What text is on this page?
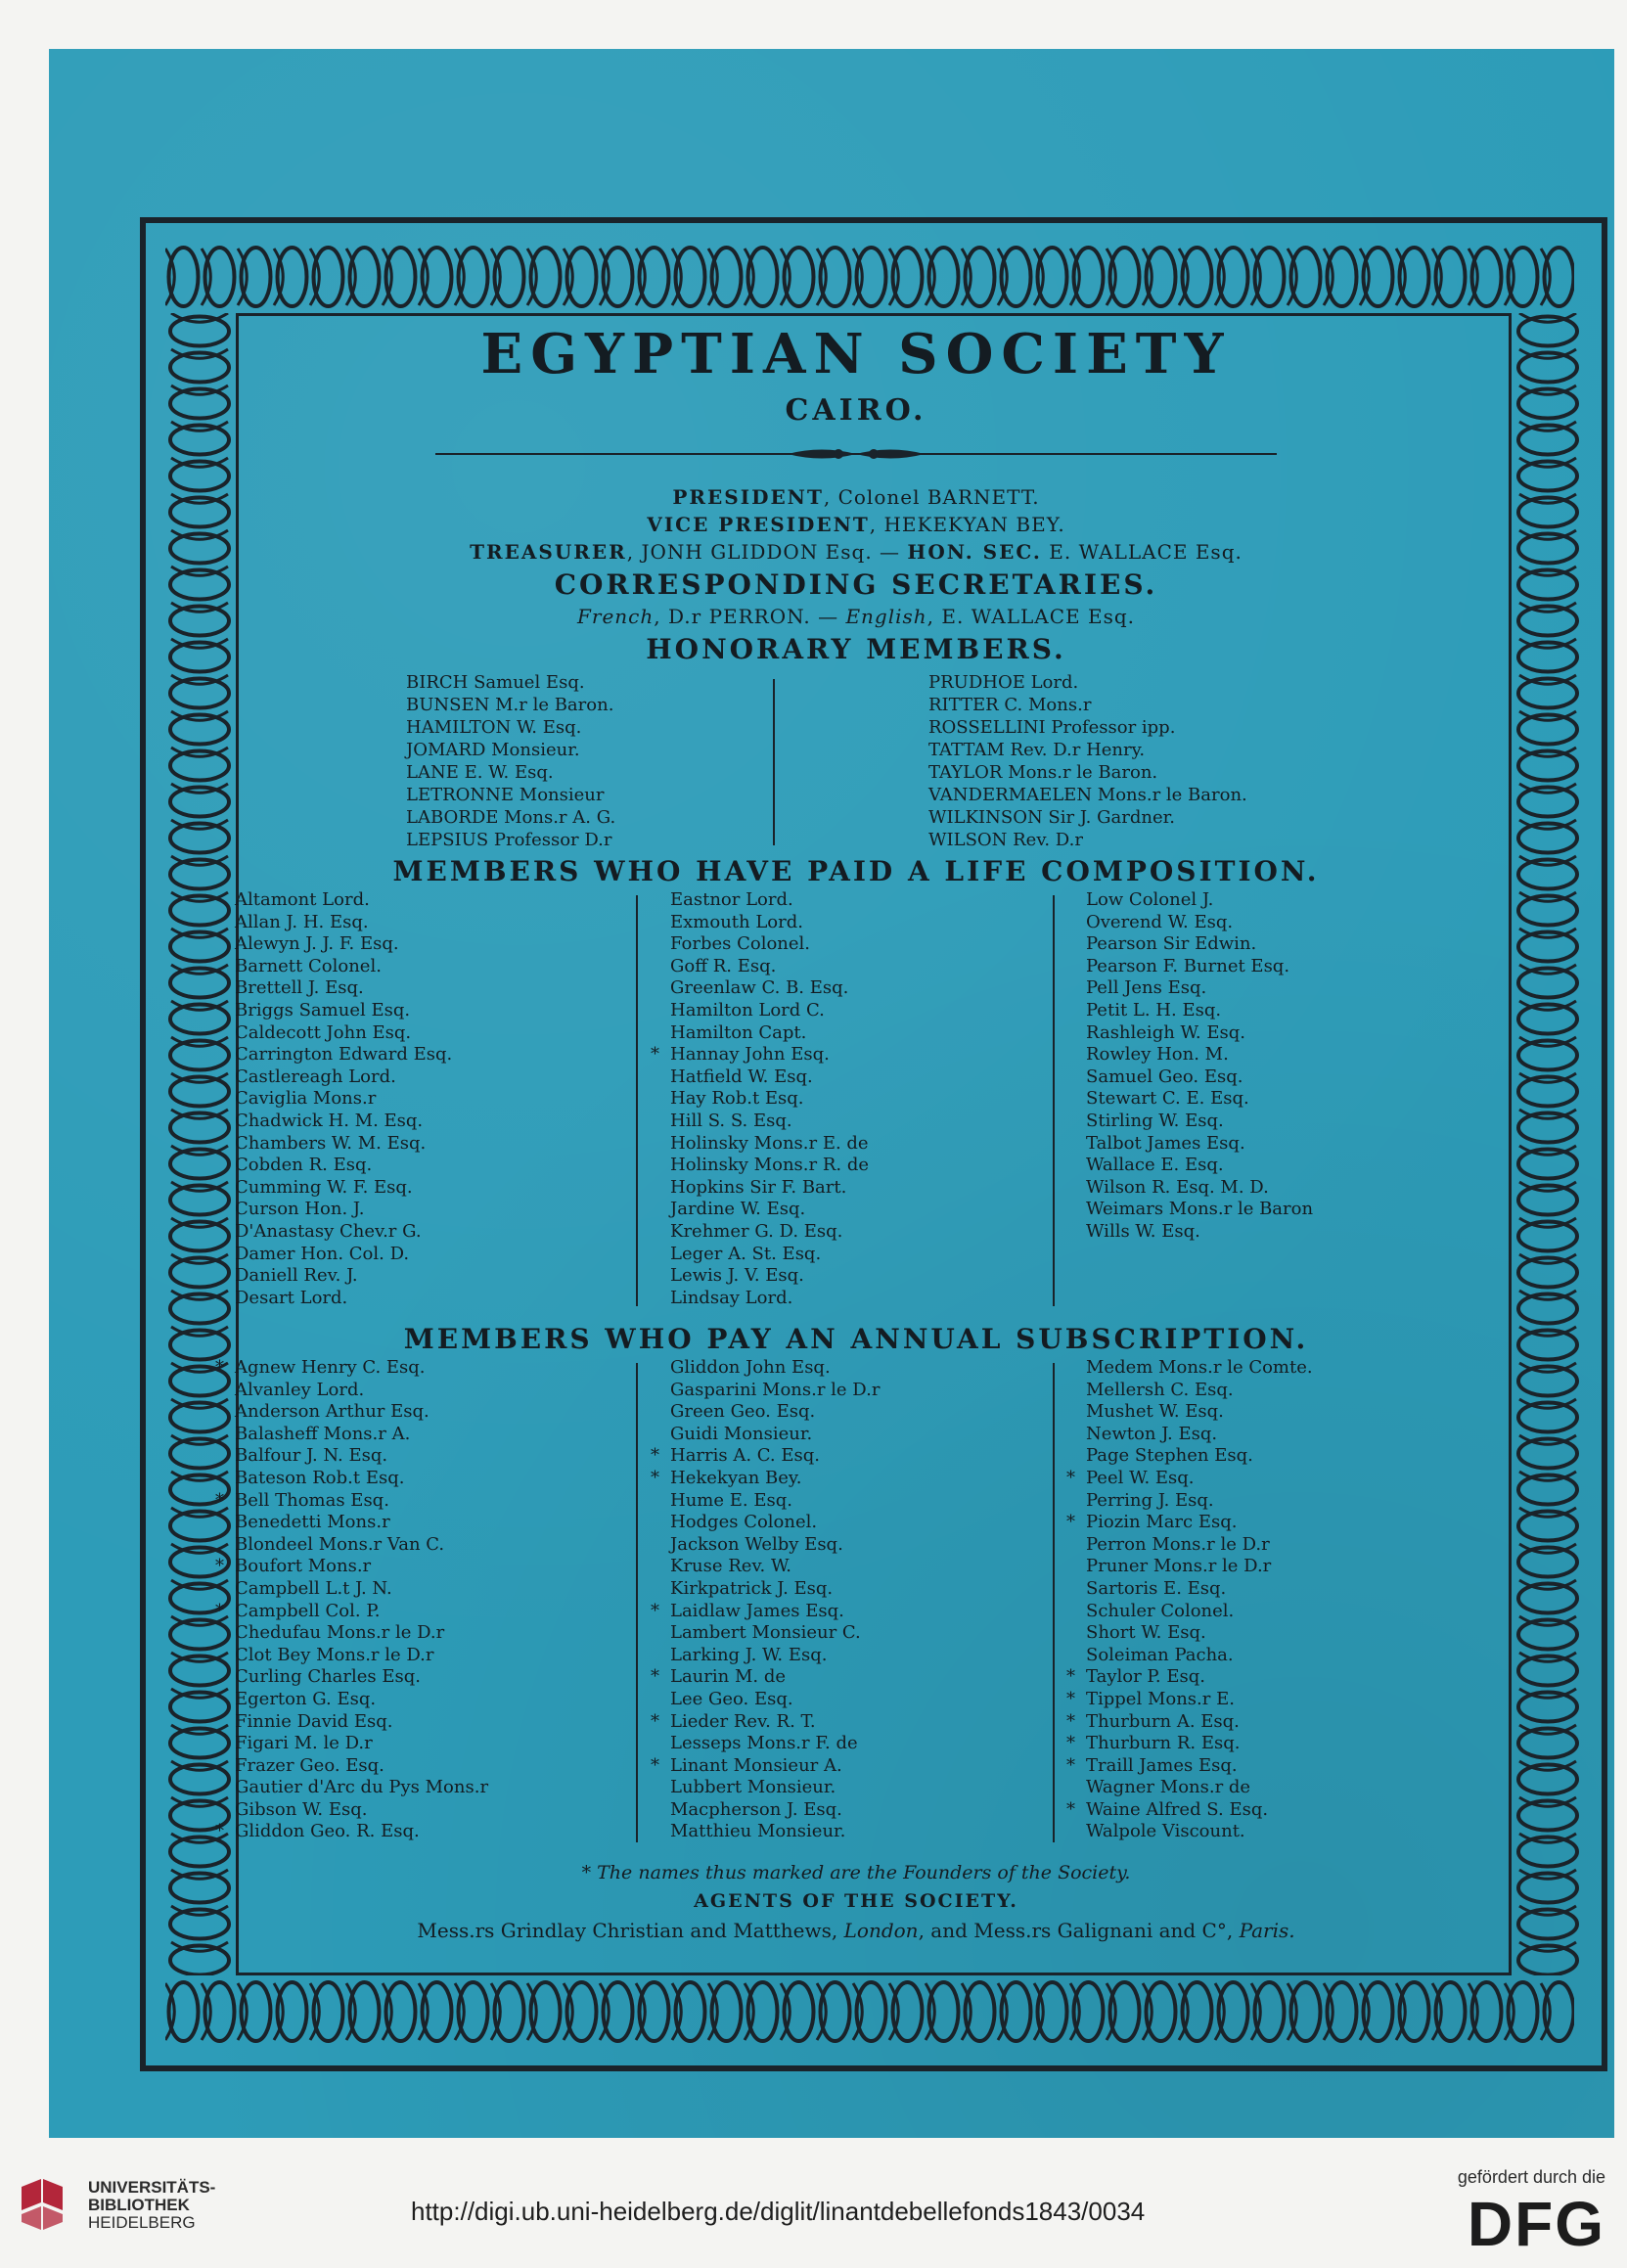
EGYPTIAN SOCIETY
CAIRO.
PRESIDENT, Colonel BARNETT.
VICE PRESIDENT, HEKEKYAN BEY.
TREASURER, JONH GLIDDON Esq. — HON. SEC. E. WALLACE Esq.
CORRESPONDING SECRETARIES.
French, D.r PERRON. — English, E. WALLACE Esq.
HONORARY MEMBERS.
BIRCH Samuel Esq.
BUNSEN M.r le Baron.
HAMILTON W. Esq.
JOMARD Monsieur.
LANE E. W. Esq.
LETRONNE Monsieur
LABORDE Mons.r A. G.
LEPSIUS Professor D.r
PRUDHOE Lord.
RITTER C. Mons.r
ROSSELLINI Professor ipp.
TATTAM Rev. D.r Henry.
TAYLOR Mons.r le Baron.
VANDERMAELEN Mons.r le Baron.
WILKINSON Sir J. Gardner.
WILSON Rev. D.r
MEMBERS WHO HAVE PAID A LIFE COMPOSITION.
Altamont Lord.
Allan J. H. Esq.
Alewyn J. J. F. Esq.
Barnett Colonel.
Brettell J. Esq.
Briggs Samuel Esq.
Caldecott John Esq.
Carrington Edward Esq.
Castlereagh Lord.
Caviglia Mons.r
Chadwick H. M. Esq.
Chambers W. M. Esq.
Cobden R. Esq.
Cumming W. F. Esq.
Curson Hon. J.
D'Anastasy Chev.r G.
Damer Hon. Col. D.
Daniell Rev. J.
Desart Lord.
Eastnor Lord.
Exmouth Lord.
Forbes Colonel.
Goff R. Esq.
Greenlaw C. B. Esq.
Hamilton Lord C.
Hamilton Capt.
* Hannay John Esq.
Hatfield W. Esq.
Hay Rob.t Esq.
Hill S. S. Esq.
Holinsky Mons.r E. de
Holinsky Mons.r R. de
Hopkins Sir F. Bart.
Jardine W. Esq.
Krehmer G. D. Esq.
Leger A. St. Esq.
Lewis J. V. Esq.
Lindsay Lord.
Low Colonel J.
Overend W. Esq.
Pearson Sir Edwin.
Pearson F. Burnet Esq.
Pell Jens Esq.
Petit L. H. Esq.
Rashleigh W. Esq.
Rowley Hon. M.
Samuel Geo. Esq.
Stewart C. E. Esq.
Stirling W. Esq.
Talbot James Esq.
Wallace E. Esq.
Wilson R. Esq. M. D.
Weimars Mons.r le Baron
Wills W. Esq.
MEMBERS WHO PAY AN ANNUAL SUBSCRIPTION.
* Agnew Henry C. Esq.
Alvanley Lord.
Anderson Arthur Esq.
Balasheff Mons.r A.
Balfour J. N. Esq.
Bateson Rob.t Esq.
* Bell Thomas Esq.
Benedetti Mons.r
Blondeel Mons.r Van C.
* Boufort Mons.r
Campbell L.t J. N.
* Campbell Col. P.
Chedufau Mons.r le D.r
Clot Bey Mons.r le D.r
Curling Charles Esq.
Egerton G. Esq.
Finnie David Esq.
Figari M. le D.r
Frazer Geo. Esq.
Gautier d'Arc du Pys Mons.r
Gibson W. Esq.
* Gliddon Geo. R. Esq.
Gliddon John Esq.
Gasparini Mons.r le D.r
Green Geo. Esq.
Guidi Monsieur.
* Harris A. C. Esq.
* Hekekyan Bey.
Hume E. Esq.
Hodges Colonel.
Jackson Welby Esq.
Kruse Rev. W.
Kirkpatrick J. Esq.
* Laidlaw James Esq.
Lambert Monsieur C.
Larking J. W. Esq.
* Laurin M. de
Lee Geo. Esq.
* Lieder Rev. R. T.
Lesseps Mons.r F. de
* Linant Monsieur A.
Lubbert Monsieur.
Macpherson J. Esq.
Matthieu Monsieur.
Medem Mons.r le Comte.
Mellersh C. Esq.
Mushet W. Esq.
Newton J. Esq.
Page Stephen Esq.
* Peel W. Esq.
Perring J. Esq.
* Piozin Marc Esq.
Perron Mons.r le D.r
Pruner Mons.r le D.r
Sartoris E. Esq.
Schuler Colonel.
Short W. Esq.
Soleiman Pacha.
* Taylor P. Esq.
* Tippel Mons.r E.
* Thurburn A. Esq.
* Thurburn R. Esq.
* Traill James Esq.
Wagner Mons.r de
* Waine Alfred S. Esq.
Walpole Viscount.
* The names thus marked are the Founders of the Society.
AGENTS OF THE SOCIETY.
Mess.rs Grindlay Christian and Matthews, London, and Mess.rs Galignani and C°, Paris.
UNIVERSITÄTS-
BIBLIOTHEK
HEIDELBERG	http://digi.ub.uni-heidelberg.de/diglit/linantdebellefonds1843/0034
gefördert durch die
DFG
